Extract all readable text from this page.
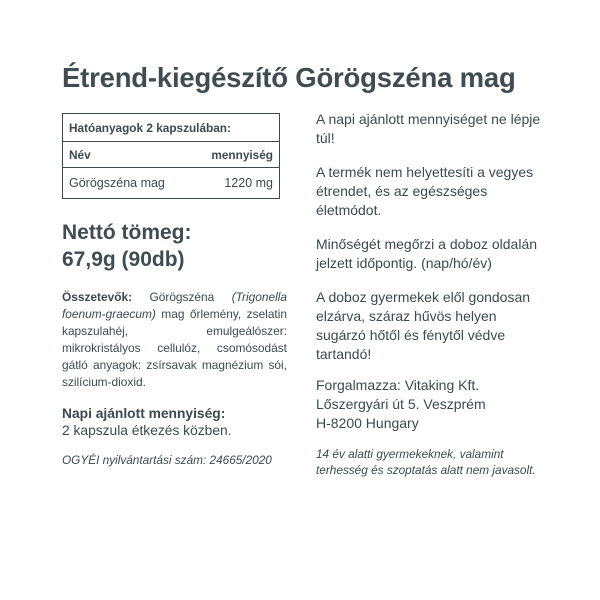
Étrend-kiegészítő Görögszéna mag
Hatóanyagok 2 kapszulában:	
Név	mennyiség
Görögszéna mag	1220 mg
Nettó tömeg:
67,9g (90db)
Összetevők: Görögszéna (Trigonella foenum-graecum) mag őrlemény, zselatin kapszulahéj, emulgeálószer: mikrokristályos cellulóz, csomósodást gátló anyagok: zsírsavak magnézium sói, szilícium-dioxid.
Napi ajánlott mennyiség:
2 kapszula étkezés közben.
OGYÉI nyilvántartási szám: 24665/2020

A napi ajánlott mennyiséget ne lépje túl!

A termék nem helyettesíti a vegyes étrendet, és az egészséges életmódot.

Minőségét megőrzi a doboz oldalán jelzett időpontig. (nap/hó/év)

A doboz gyermekek elől gondosan elzárva, száraz hűvös helyen sugárzó hőtől és fénytől védve tartandó!

Forgalmazza: Vitaking Kft.
Lőszergyári út 5. Veszprém
H-8200 Hungary
14 év alatti gyermekeknek, valamint terhesség és szoptatás alatt nem javasolt.
